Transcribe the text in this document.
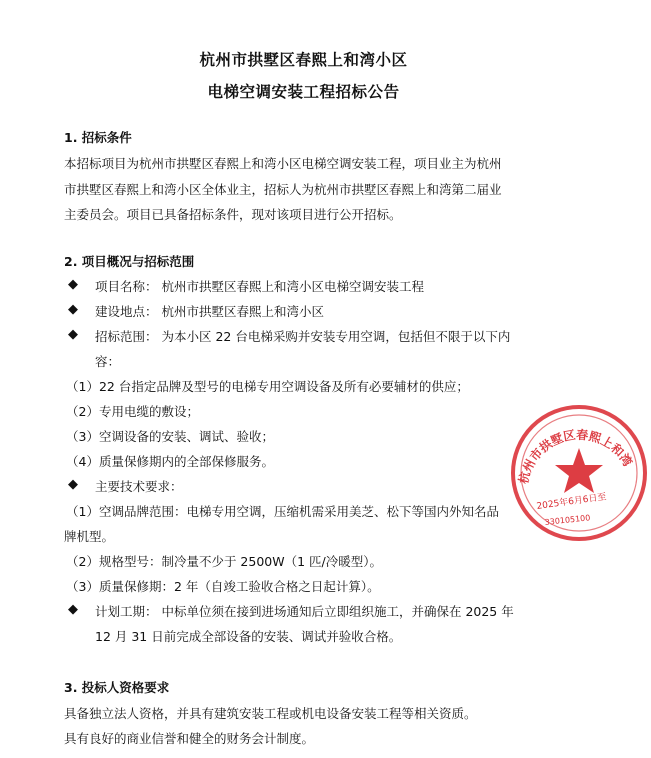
杭州市拱墅区春熙上和湾小区
电梯空调安装工程招标公告
1. 招标条件
本招标项目为杭州市拱墅区春熙上和湾小区电梯空调安装工程，项目业主为杭州
市拱墅区春熙上和湾小区全体业主，招标人为杭州市拱墅区春熙上和湾第二届业
主委员会。项目已具备招标条件，现对该项目进行公开招标。
2. 项目概况与招标范围
◆ 项目名称： 杭州市拱墅区春熙上和湾小区电梯空调安装工程
◆ 建设地点： 杭州市拱墅区春熙上和湾小区
◆ 招标范围： 为本小区 22 台电梯采购并安装专用空调，包括但不限于以下内
容：
（1）22 台指定品牌及型号的电梯专用空调设备及所有必要辅材的供应；
（2）专用电缆的敷设；
（3）空调设备的安装、调试、验收；
（4）质量保修期内的全部保修服务。
◆ 主要技术要求：
（1）空调品牌范围：电梯专用空调，压缩机需采用美芝、松下等国内外知名品
牌机型。
（2）规格型号：制冷量不少于 2500W（1 匹/冷暖型）。
（3）质量保修期：2 年（自竣工验收合格之日起计算）。
◆ 计划工期： 中标单位须在接到进场通知后立即组织施工，并确保在 2025 年
12 月 31 日前完成全部设备的安装、调试并验收合格。
3. 投标人资格要求
具备独立法人资格，并具有建筑安装工程或机电设备安装工程等相关资质。
具有良好的商业信誉和健全的财务会计制度。
杭州市拱墅区春熙上和湾
2025年6月6日至
330105100
